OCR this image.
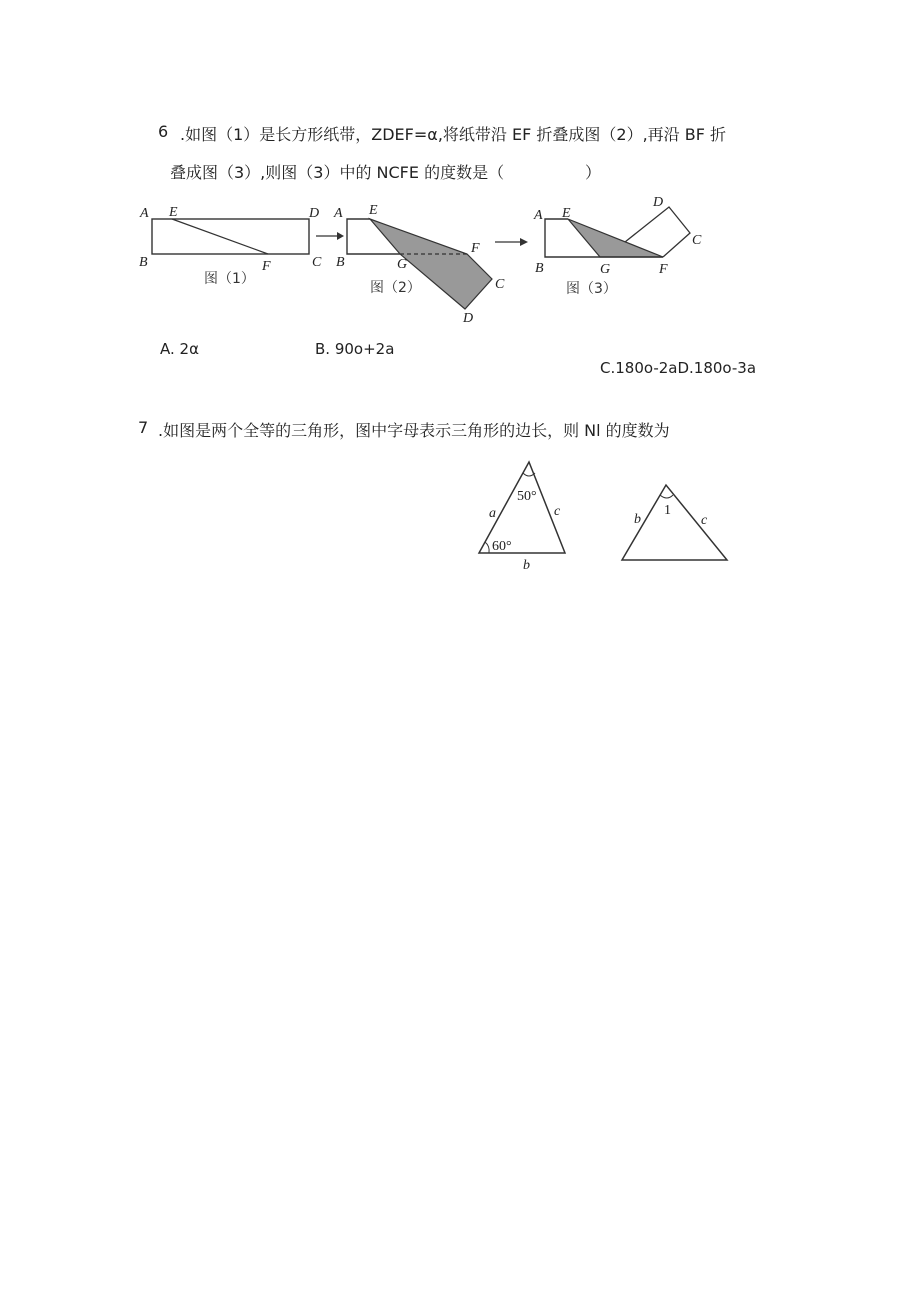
6 .如图（1）是长方形纸带，ZDEF=α,将纸带沿 EF 折叠成图（2）,再沿 BF 折
叠成图（3）,则图（3）中的 NCFE 的度数是（	）
A E	D
B	F	C
图（1）
A E
B	G
F
C
D
图（2）
A E
D
C
B	G	F
图（3）
A. 2α	B. 90o+2a
C.180o-2aD.180o-3a
7 .如图是两个全等的三角形，图中字母表示三角形的边长，则 Nl 的度数为
50°
60°
a	c
b
1
b	c
